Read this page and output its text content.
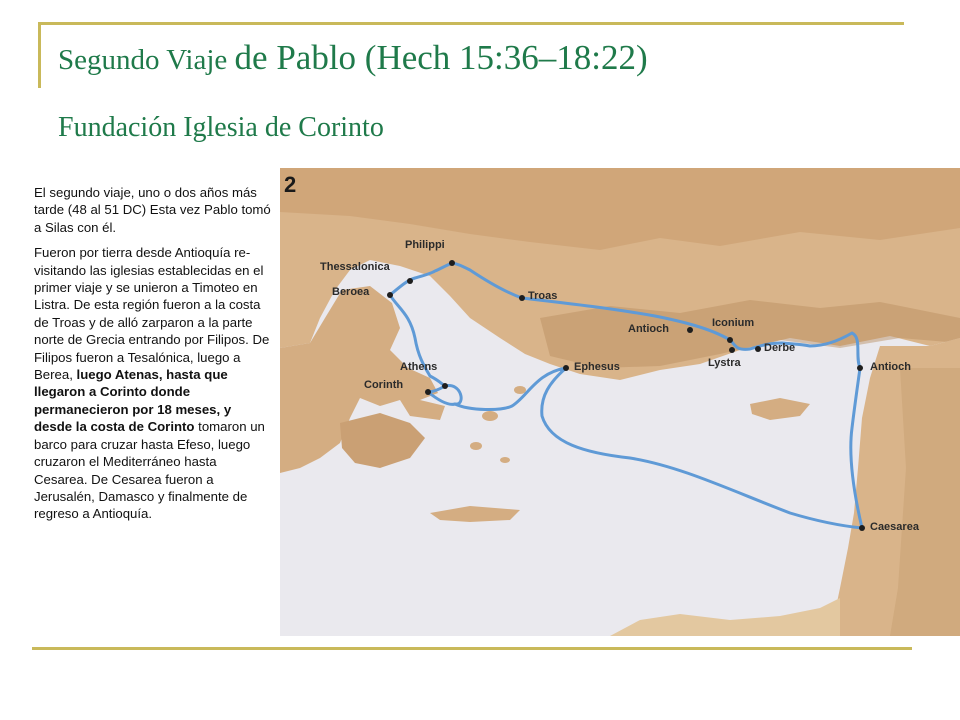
Segundo Viaje de Pablo (Hech 15:36–18:22)
Fundación Iglesia de Corinto

El segundo viaje, uno o dos años más tarde (48 al 51 DC) Esta vez Pablo tomó a Silas con él.

Fueron por tierra desde Antioquía re-visitando las iglesias establecidas en el primer viaje y se unieron a Timoteo en Listra. De esta región fueron a la costa de Troas y de alló zarparon a la parte norte de Grecia entrando por Filipos. De Filipos fueron a Tesalónica, luego a Berea, luego Atenas, hasta que llegaron a Corinto donde permanecieron por 18 meses, y desde la costa de Corinto tomaron un barco para cruzar hasta Efeso, luego cruzaron el Mediterráneo hasta Cesarea. De Cesarea fueron a Jerusalén, Damasco y finalmente de regreso a Antioquía.

2
Philippi
Thessalonica
Beroea	Troas
Antioch	Iconium
Lystra
Derbe
Antioch
Athens
Corinth
Ephesus
Caesarea
